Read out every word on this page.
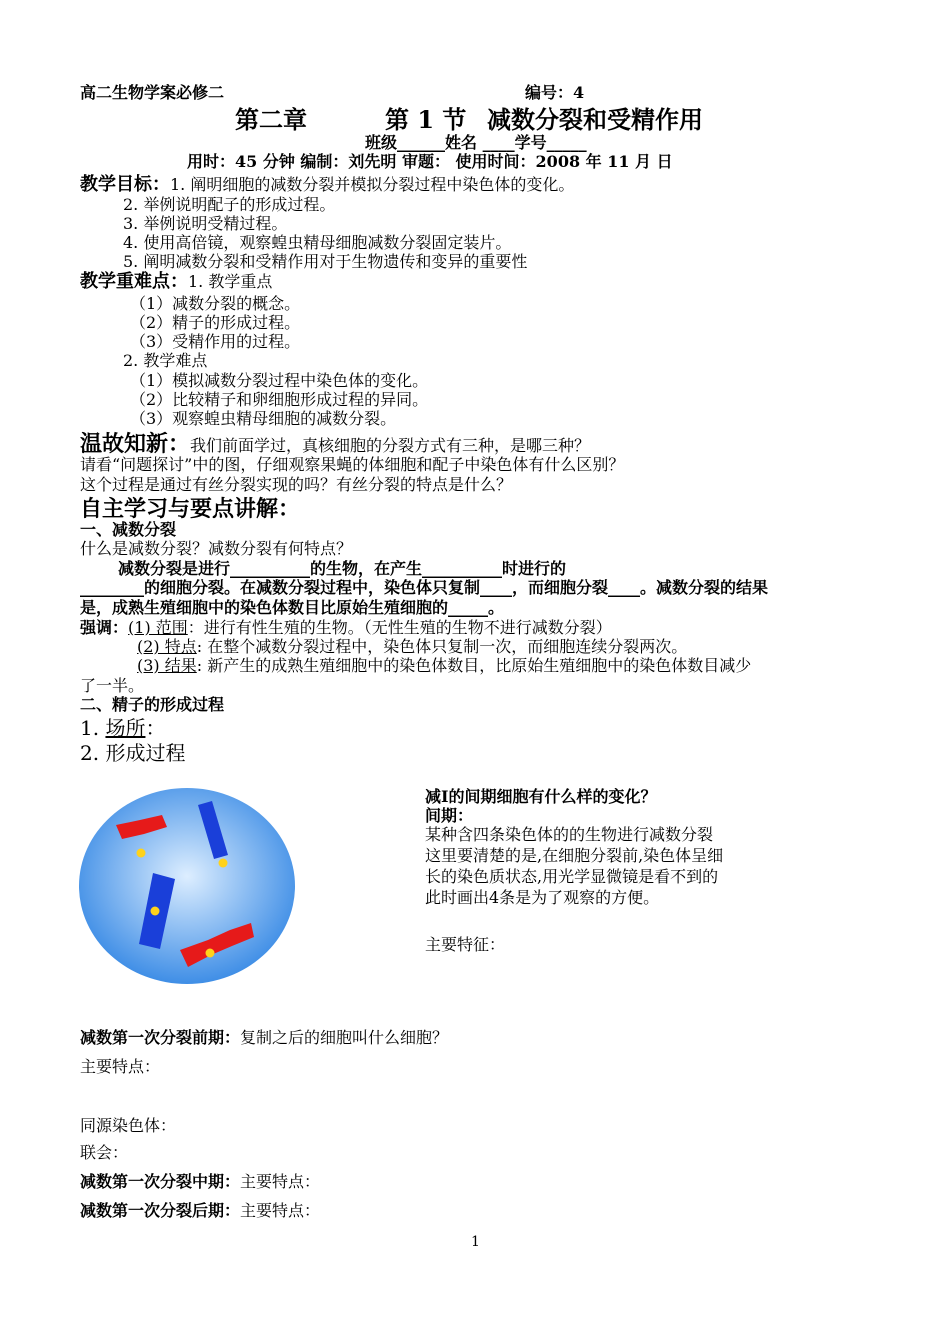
高二生物学案必修二	编号：4
第二章	第 1 节 减数分裂和受精作用
班级______姓名 ____学号_____
用时：45 分钟 编制：刘先明 审题： 使用时间：2008 年 11 月 日
教学目标：1. 阐明细胞的减数分裂并模拟分裂过程中染色体的变化。
2. 举例说明配子的形成过程。
3. 举例说明受精过程。
4. 使用高倍镜，观察蝗虫精母细胞减数分裂固定装片。
5. 阐明减数分裂和受精作用对于生物遗传和变异的重要性
教学重难点：1. 教学重点
（1）减数分裂的概念。
（2）精子的形成过程。
（3）受精作用的过程。
2. 教学难点
（1）模拟减数分裂过程中染色体的变化。
（2）比较精子和卵细胞形成过程的异同。
（3）观察蝗虫精母细胞的减数分裂。
温故知新：我们前面学过，真核细胞的分裂方式有三种，是哪三种？
请看“问题探讨”中的图，仔细观察果蝇的体细胞和配子中染色体有什么区别？
这个过程是通过有丝分裂实现的吗？有丝分裂的特点是什么？
自主学习与要点讲解：
一、减数分裂
什么是减数分裂？减数分裂有何特点？
减数分裂是进行__________的生物，在产生__________时进行的
________的细胞分裂。在减数分裂过程中，染色体只复制____，而细胞分裂____。减数分裂的结果
是，成熟生殖细胞中的染色体数目比原始生殖细胞的_____。
强调：(1) 范围：进行有性生殖的生物。（无性生殖的生物不进行减数分裂）
(2) 特点: 在整个减数分裂过程中，染色体只复制一次，而细胞连续分裂两次。
(3) 结果: 新产生的成熟生殖细胞中的染色体数目，比原始生殖细胞中的染色体数目减少
了一半。
二、精子的形成过程
1. 场所：
2. 形成过程
减Ⅰ的间期细胞有什么样的变化？
间期：
某种含四条染色体的的生物进行减数分裂
这里要清楚的是,在细胞分裂前,染色体呈细
长的染色质状态,用光学显微镜是看不到的
此时画出4条是为了观察的方便。
主要特征：
减数第一次分裂前期：复制之后的细胞叫什么细胞？
主要特点：
同源染色体：
联会：
减数第一次分裂中期：主要特点：
减数第一次分裂后期：主要特点：
1
